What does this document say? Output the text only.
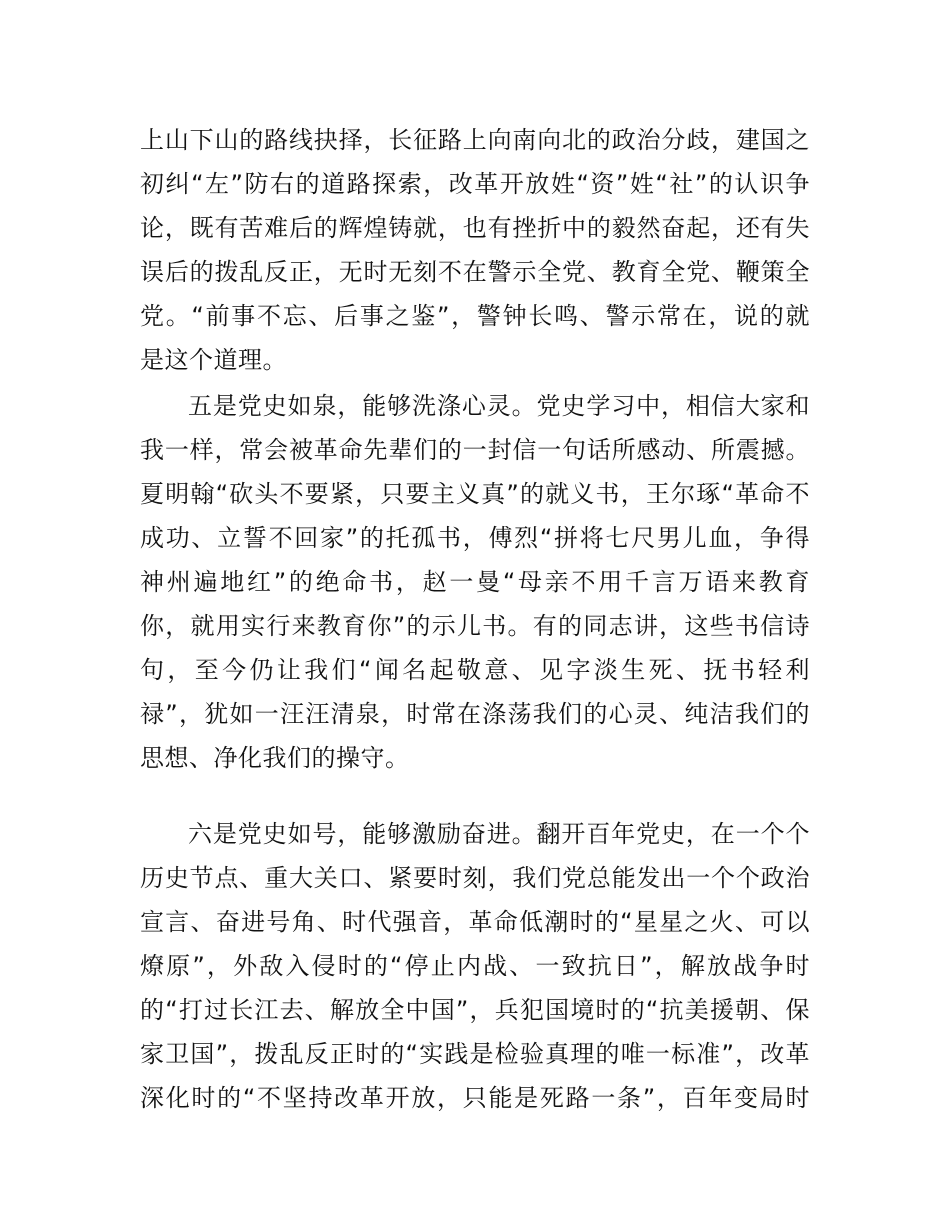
上山下山的路线抉择，长征路上向南向北的政治分歧，建国之
初纠“左”防右的道路探索，改革开放姓“资”姓“社”的认识争
论，既有苦难后的辉煌铸就，也有挫折中的毅然奋起，还有失
误后的拨乱反正，无时无刻不在警示全党、教育全党、鞭策全
党。“前事不忘、后事之鉴”，警钟长鸣、警示常在，说的就
是这个道理。
五是党史如泉，能够洗涤心灵。党史学习中，相信大家和
我一样，常会被革命先辈们的一封信一句话所感动、所震撼。
夏明翰“砍头不要紧，只要主义真”的就义书，王尔琢“革命不
成功、立誓不回家”的托孤书，傅烈“拼将七尺男儿血，争得
神州遍地红”的绝命书，赵一曼“母亲不用千言万语来教育
你，就用实行来教育你”的示儿书。有的同志讲，这些书信诗
句，至今仍让我们“闻名起敬意、见字淡生死、抚书轻利
禄”，犹如一汪汪清泉，时常在涤荡我们的心灵、纯洁我们的
思想、净化我们的操守。
六是党史如号，能够激励奋进。翻开百年党史，在一个个
历史节点、重大关口、紧要时刻，我们党总能发出一个个政治
宣言、奋进号角、时代强音，革命低潮时的“星星之火、可以
燎原”，外敌入侵时的“停止内战、一致抗日”，解放战争时
的“打过长江去、解放全中国”，兵犯国境时的“抗美援朝、保
家卫国”，拨乱反正时的“实践是检验真理的唯一标准”，改革
深化时的“不坚持改革开放，只能是死路一条”，百年变局时
